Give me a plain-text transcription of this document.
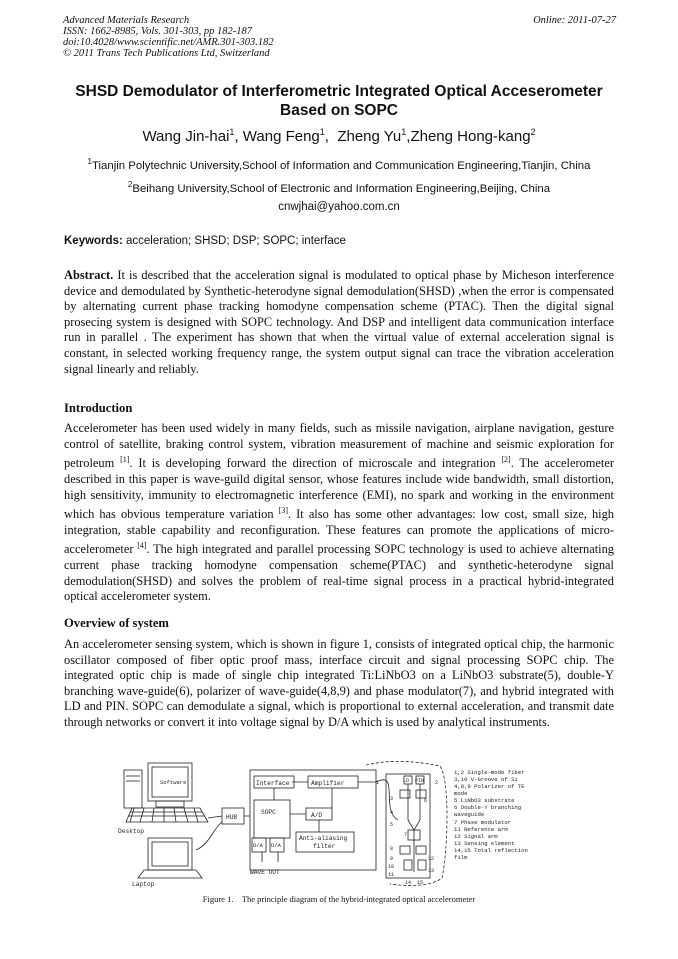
Advanced Materials Research
ISSN: 1662-8985, Vols. 301-303, pp 182-187
doi:10.4028/www.scientific.net/AMR.301-303.182
© 2011 Trans Tech Publications Ltd, Switzerland
Online: 2011-07-27
SHSD Demodulator of Interferometric Integrated Optical Acceserometer Based on SOPC
Wang Jin-hai$^1$, Wang Feng$^1$,  Zheng Yu$^1$,Zheng Hong-kang$^2$
$^1$Tianjin Polytechnic University,School of Information and Communication Engineering,Tianjin, China
$^2$Beihang University,School of Electronic and Information Engineering,Beijing, China
cnwjhai@yahoo.com.cn
Keywords: acceleration; SHSD; DSP; SOPC; interface

Abstract. It is described that the acceleration signal is modulated to optical phase by Micheson interference device and demodulated by Synthetic-heterodyne signal demodulation(SHSD) ,when the error is compensated by alternating current phase tracking homodyne compensation scheme (PTAC). Then the digital signal prosecing system is designed with SOPC technology. And DSP and intelligent data communication interface run in parallel . The experiment has shown that when the virtual value of external acceleration signal is constant, in selected working frequency range, the system output signal can trace the vibration acceleration signal linearly and reliably.

Introduction

Accelerometer has been used widely in many fields, such as missile navigation, airplane navigation, gesture control of satellite, braking control system, vibration measurement of machine and seismic exploration for petroleum [1]. It is developing forward the direction of microscale and integration [2]. The accelerometer described in this paper is wave-guild digital sensor, whose features include wide bandwidth, small distortion, high sensitivity, immunity to electromagnetic interference (EMI), no spark and working in the environment which has obvious temperature variation [3]. It also has some other advantages: low cost, small size, high integration, stable capability and reconfiguration. These features can promote the applications of micro-accelerometer [4]. The high integrated and parallel processing SOPC technology is used to achieve alternating current phase tracking homodyne compensation scheme(PTAC) and synthetic-heterodyne signal demodulation(SHSD) and solves the problem of real-time signal process in a practical hybrid-integrated optical accelerometer system.

Overview of system

An accelerometer sensing system, which is shown in figure 1, consists of integrated optical chip, the harmonic oscillator composed of fiber optic proof mass, interface circuit and signal processing SOPC chip. The integrated optic chip is made of single chip integrated Ti:LiNbO3 on a LiNbO3 substrate(5), double-Y branching wave-guide(6), polarizer of wave-guide(4,8,9) and phase modulator(7), and hybrid integrated with LD and PIN. SOPC can demodulate a signal, which is proportional to external acceleration, and transmit date through networks or convert it into voltage signal by D/A which is used by analytical instruments.

Software
Desktop
Laptop
HUB
Interface	Amplifier
SOPC	A/D
Anti-aliasing
filter
D/A D/A
WAVE OUT
LD PIN
1	2
3
4
5
6
7
8
9
10
11
12
13
14 15
1,2 Single-mode fiber
3,10 V-Groove of Si
4,8,9 Polarizer of TE
mode
5 LiNbO3 substrate
6 Double-Y branching
waveguide
7 Phase modulator
11 Reference arm
12 Signal arm
13 Sensing element
14,15 Total reflection
film
Figure 1.    The principle diagram of the hybrid-integrated optical accelerometer
